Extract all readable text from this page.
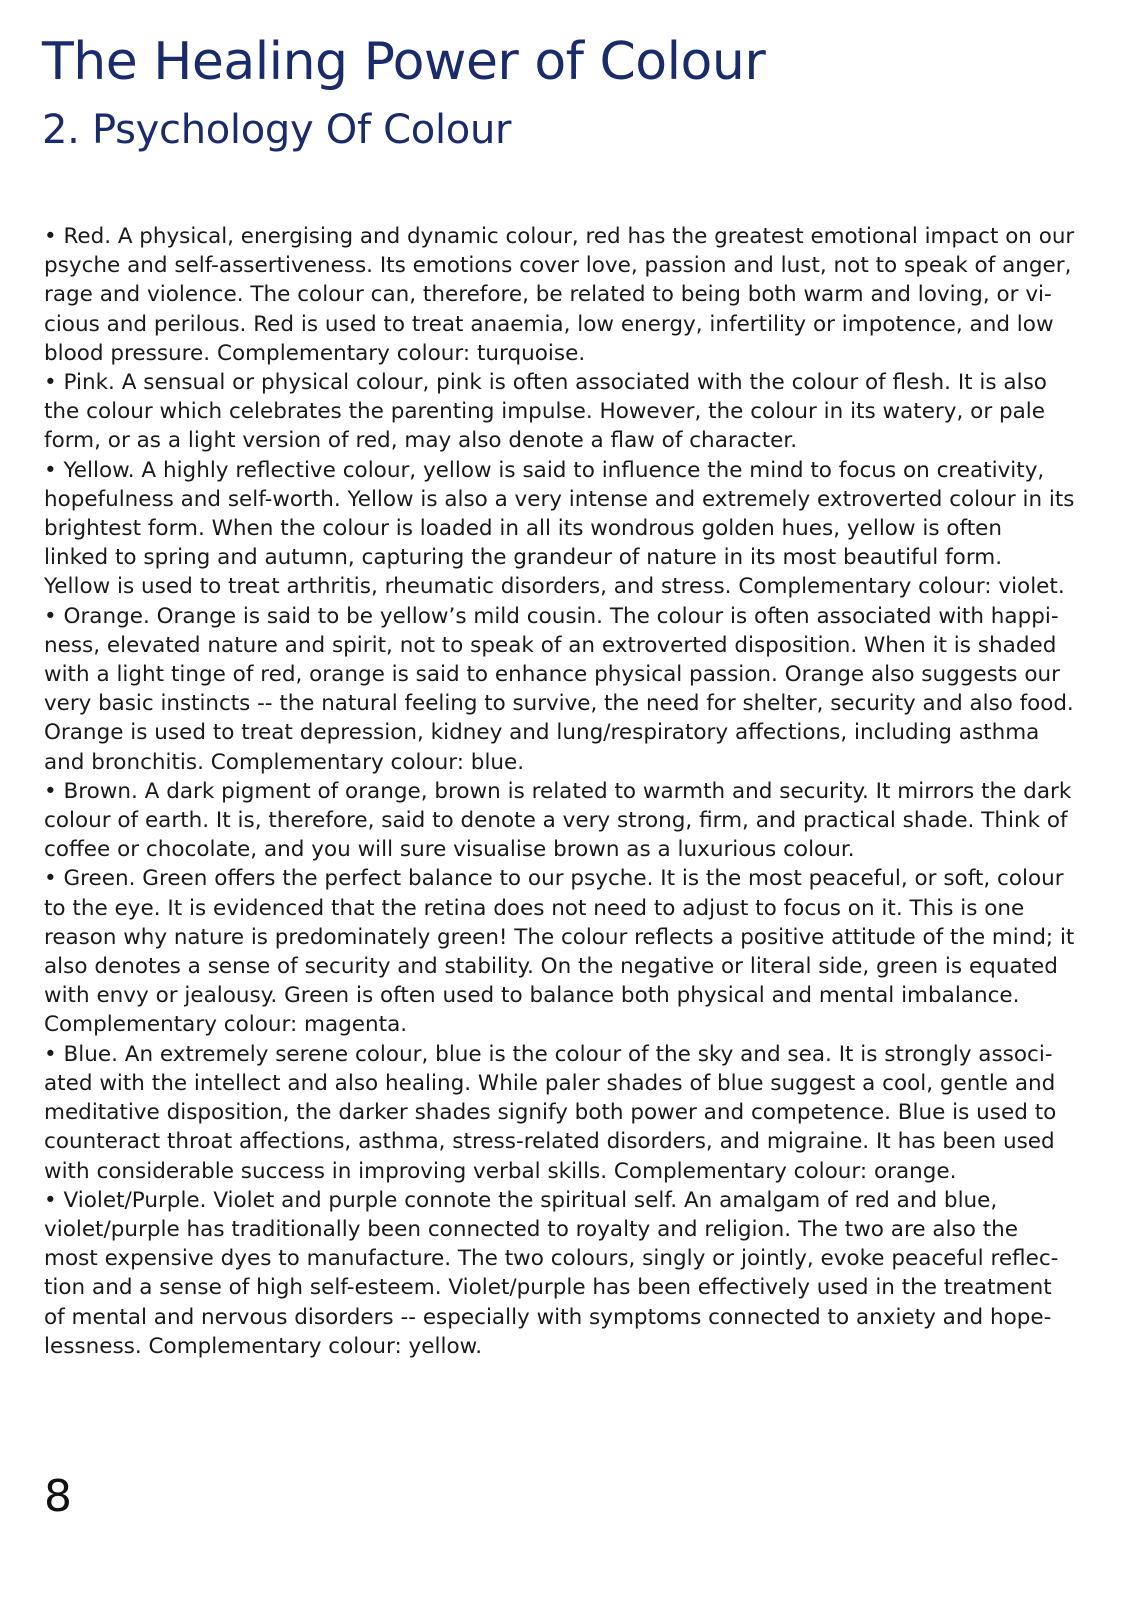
The Healing Power of Colour
2. Psychology Of Colour

• Red. A physical, energising and dynamic colour, red has the greatest emotional impact on our
psyche and self-assertiveness. Its emotions cover love, passion and lust, not to speak of anger,
rage and violence. The colour can, therefore, be related to being both warm and loving, or vi-
cious and perilous. Red is used to treat anaemia, low energy, infertility or impotence, and low
blood pressure. Complementary colour: turquoise.

• Pink. A sensual or physical colour, pink is often associated with the colour of flesh. It is also
the colour which celebrates the parenting impulse. However, the colour in its watery, or pale
form, or as a light version of red, may also denote a flaw of character.

• Yellow. A highly reflective colour, yellow is said to influence the mind to focus on creativity,
hopefulness and self-worth. Yellow is also a very intense and extremely extroverted colour in its
brightest form. When the colour is loaded in all its wondrous golden hues, yellow is often
linked to spring and autumn, capturing the grandeur of nature in its most beautiful form.
Yellow is used to treat arthritis, rheumatic disorders, and stress. Complementary colour: violet.

• Orange. Orange is said to be yellow’s mild cousin. The colour is often associated with happi-
ness, elevated nature and spirit, not to speak of an extroverted disposition. When it is shaded
with a light tinge of red, orange is said to enhance physical passion. Orange also suggests our
very basic instincts -- the natural feeling to survive, the need for shelter, security and also food.
Orange is used to treat depression, kidney and lung/respiratory affections, including asthma
and bronchitis. Complementary colour: blue.

• Brown. A dark pigment of orange, brown is related to warmth and security. It mirrors the dark
colour of earth. It is, therefore, said to denote a very strong, firm, and practical shade. Think of
coffee or chocolate, and you will sure visualise brown as a luxurious colour.

• Green. Green offers the perfect balance to our psyche. It is the most peaceful, or soft, colour
to the eye. It is evidenced that the retina does not need to adjust to focus on it. This is one
reason why nature is predominately green! The colour reflects a positive attitude of the mind; it
also denotes a sense of security and stability. On the negative or literal side, green is equated
with envy or jealousy. Green is often used to balance both physical and mental imbalance.
Complementary colour: magenta.

• Blue. An extremely serene colour, blue is the colour of the sky and sea. It is strongly associ-
ated with the intellect and also healing. While paler shades of blue suggest a cool, gentle and
meditative disposition, the darker shades signify both power and competence. Blue is used to
counteract throat affections, asthma, stress-related disorders, and migraine. It has been used
with considerable success in improving verbal skills. Complementary colour: orange.

• Violet/Purple. Violet and purple connote the spiritual self. An amalgam of red and blue,
violet/purple has traditionally been connected to royalty and religion. The two are also the
most expensive dyes to manufacture. The two colours, singly or jointly, evoke peaceful reflec-
tion and a sense of high self-esteem. Violet/purple has been effectively used in the treatment
of mental and nervous disorders -- especially with symptoms connected to anxiety and hope-
lessness. Complementary colour: yellow.

8
